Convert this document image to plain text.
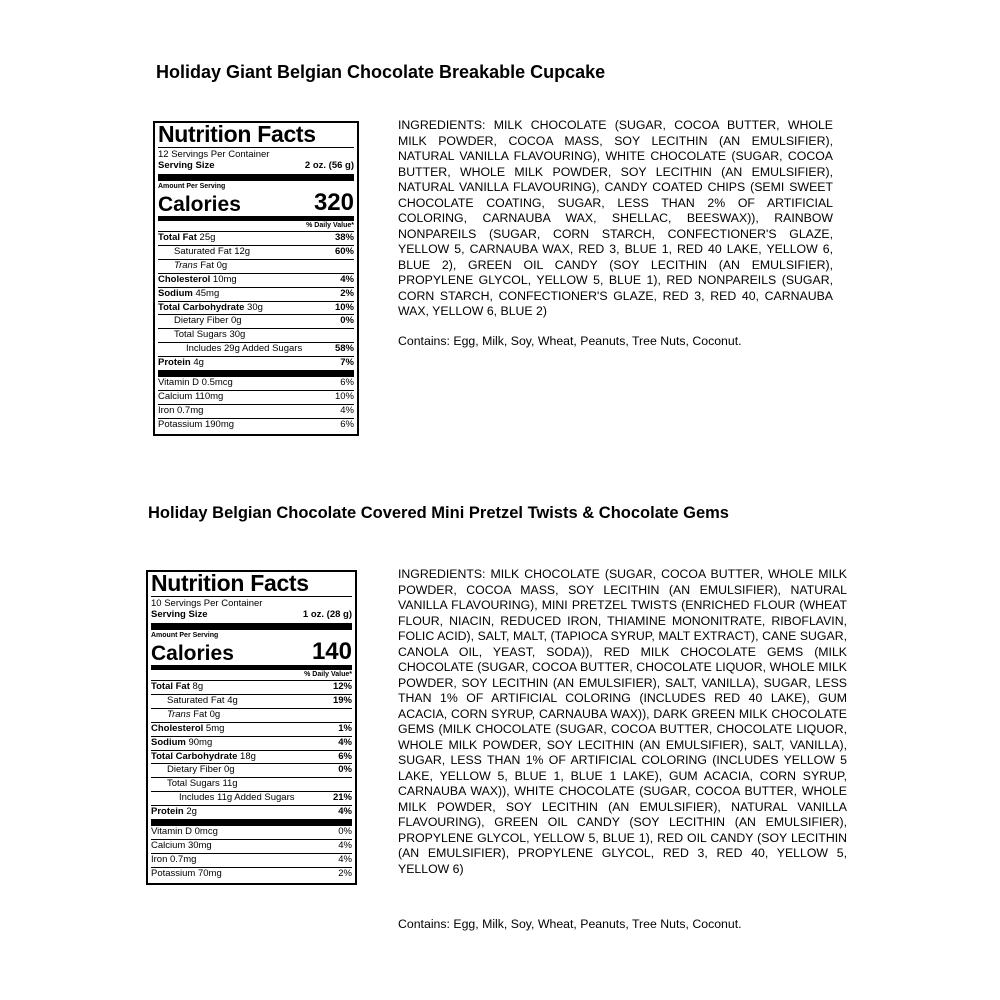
Holiday Giant Belgian Chocolate Breakable Cupcake
Nutrition Facts
12 Servings Per Container
Serving Size	2 oz. (56 g)
Amount Per Serving
Calories	320
% Daily Value*
Total Fat 25g	38%
Saturated Fat 12g	60%
Trans Fat 0g
Cholesterol 10mg	4%
Sodium 45mg	2%
Total Carbohydrate 30g	10%
Dietary Fiber 0g	0%
Total Sugars 30g
Includes 29g Added Sugars	58%
Protein 4g	7%
Vitamin D 0.5mcg	6%
Calcium 110mg	10%
Iron 0.7mg	4%
Potassium 190mg	6%
INGREDIENTS: MILK CHOCOLATE (SUGAR, COCOA BUTTER, WHOLE MILK POWDER, COCOA MASS, SOY LECITHIN (AN EMULSIFIER), NATURAL VANILLA FLAVOURING), WHITE CHOCOLATE (SUGAR, COCOA BUTTER, WHOLE MILK POWDER, SOY LECITHIN (AN EMULSIFIER), NATURAL VANILLA FLAVOURING), CANDY COATED CHIPS (SEMI SWEET CHOCOLATE COATING, SUGAR, LESS THAN 2% OF ARTIFICIAL COLORING, CARNAUBA WAX, SHELLAC, BEESWAX)), RAINBOW NONPAREILS (SUGAR, CORN STARCH, CONFECTIONER'S GLAZE, YELLOW 5, CARNAUBA WAX, RED 3, BLUE 1, RED 40 LAKE, YELLOW 6, BLUE 2), GREEN OIL CANDY (SOY LECITHIN (AN EMULSIFIER), PROPYLENE GLYCOL, YELLOW 5, BLUE 1), RED NONPAREILS (SUGAR, CORN STARCH, CONFECTIONER'S GLAZE, RED 3, RED 40, CARNAUBA WAX, YELLOW 6, BLUE 2)
Contains: Egg, Milk, Soy, Wheat, Peanuts, Tree Nuts, Coconut.
Holiday Belgian Chocolate Covered Mini Pretzel Twists & Chocolate Gems
Nutrition Facts
10 Servings Per Container
Serving Size	1 oz. (28 g)
Amount Per Serving
Calories	140
% Daily Value*
Total Fat 8g	12%
Saturated Fat 4g	19%
Trans Fat 0g
Cholesterol 5mg	1%
Sodium 90mg	4%
Total Carbohydrate 18g	6%
Dietary Fiber 0g	0%
Total Sugars 11g
Includes 11g Added Sugars	21%
Protein 2g	4%
Vitamin D 0mcg	0%
Calcium 30mg	4%
Iron 0.7mg	4%
Potassium 70mg	2%
INGREDIENTS: MILK CHOCOLATE (SUGAR, COCOA BUTTER, WHOLE MILK POWDER, COCOA MASS, SOY LECITHIN (AN EMULSIFIER), NATURAL VANILLA FLAVOURING), MINI PRETZEL TWISTS (ENRICHED FLOUR (WHEAT FLOUR, NIACIN, REDUCED IRON, THIAMINE MONONITRATE, RIBOFLAVIN, FOLIC ACID), SALT, MALT, (TAPIOCA SYRUP, MALT EXTRACT), CANE SUGAR, CANOLA OIL, YEAST, SODA)), RED MILK CHOCOLATE GEMS (MILK CHOCOLATE (SUGAR, COCOA BUTTER, CHOCOLATE LIQUOR, WHOLE MILK POWDER, SOY LECITHIN (AN EMULSIFIER), SALT, VANILLA), SUGAR, LESS THAN 1% OF ARTIFICIAL COLORING (INCLUDES RED 40 LAKE), GUM ACACIA, CORN SYRUP, CARNAUBA WAX)), DARK GREEN MILK CHOCOLATE GEMS (MILK CHOCOLATE (SUGAR, COCOA BUTTER, CHOCOLATE LIQUOR, WHOLE MILK POWDER, SOY LECITHIN (AN EMULSIFIER), SALT, VANILLA), SUGAR, LESS THAN 1% OF ARTIFICIAL COLORING (INCLUDES YELLOW 5 LAKE, YELLOW 5, BLUE 1, BLUE 1 LAKE), GUM ACACIA, CORN SYRUP, CARNAUBA WAX)), WHITE CHOCOLATE (SUGAR, COCOA BUTTER, WHOLE MILK POWDER, SOY LECITHIN (AN EMULSIFIER), NATURAL VANILLA FLAVOURING), GREEN OIL CANDY (SOY LECITHIN (AN EMULSIFIER), PROPYLENE GLYCOL, YELLOW 5, BLUE 1), RED OIL CANDY (SOY LECITHIN (AN EMULSIFIER), PROPYLENE GLYCOL, RED 3, RED 40, YELLOW 5, YELLOW 6)
Contains: Egg, Milk, Soy, Wheat, Peanuts, Tree Nuts, Coconut.
